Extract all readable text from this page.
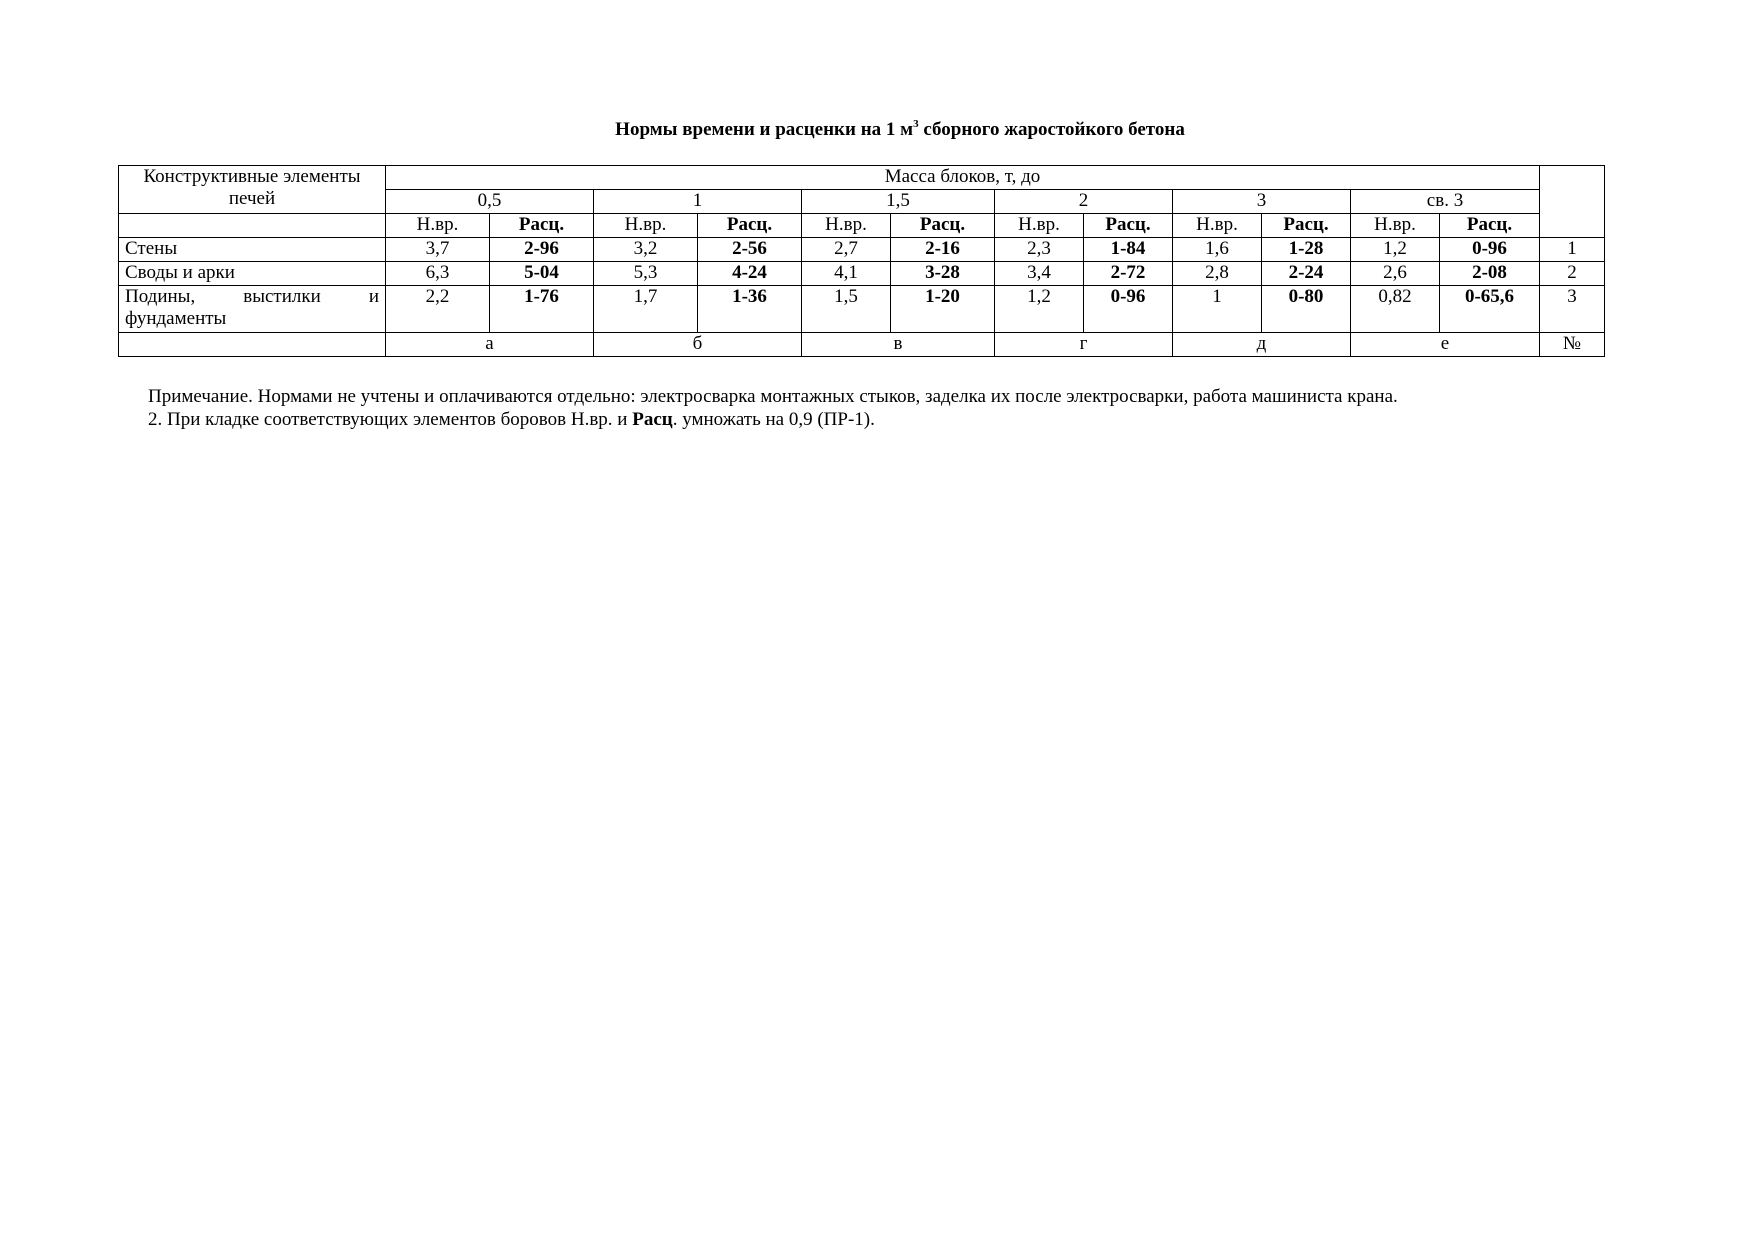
Нормы времени и расценки на 1 $м^3$ сборного жаростойкого бетона
Конструктивные элементы печей	Масса блоков, т, до												
	0,5		1		1,5		2		3		св. 3		
	Н.вр.	Расц.	Н.вр.	Расц.	Н.вр.	Расц.	Н.вр.	Расц.	Н.вр.	Расц.	Н.вр.	Расц.	
Стены	3,7	2-96	3,2	2-56	2,7	2-16	2,3	1-84	1,6	1-28	1,2	0-96	1
Своды и арки	6,3	5-04	5,3	4-24	4,1	3-28	3,4	2-72	2,8	2-24	2,6	2-08	2
Подины, выстилки и фундаменты	2,2	1-76	1,7	1-36	1,5	1-20	1,2	0-96	1	0-80	0,82	0-65,6	3
	а		б		в		г		д		е		№

Примечание. Нормами не учтены и оплачиваются отдельно: электросварка монтажных стыков, заделка их после электросварки, работа машиниста крана.

2. При кладке соответствующих элементов боровов Н.вр. и Расц. умножать на 0,9 (ПР-1).
